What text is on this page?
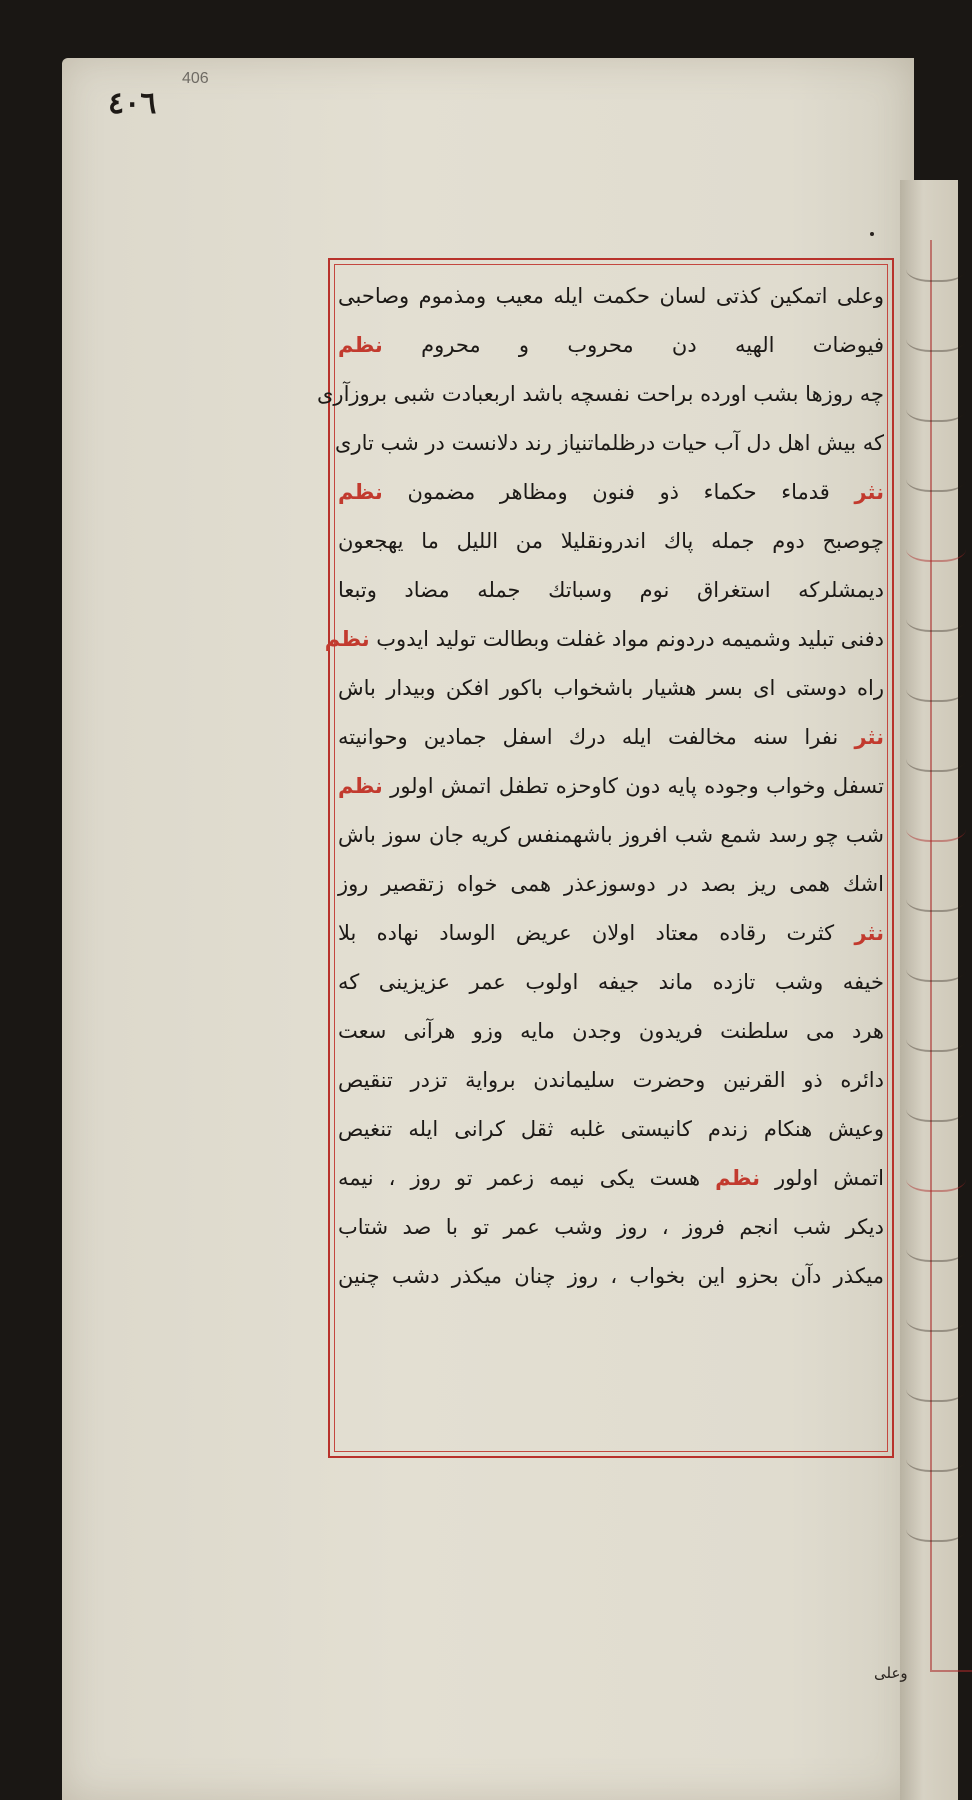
٤٠٦
406
وعلى اتمكين كذتى لسان حكمت ايله معيب ومذموم وصاحبى
فيوضات الهيه دن محروب و محروم نظم
چه روزها بشب اورده براحت نفسچه باشد اربعبادت شبى بروزآرى
كه بيش اهل دل آب حيات درظلماتنياز رند دلانست در شب تارى
نثر قدماء حكماء ذو فنون ومظاهر مضمون نظم
چوصبح دوم جمله پاك اندرونقليلا من الليل ما يهجعون
ديمشلركه استغراق نوم وسباتك جمله مضاد وتبعا
دفنى تبليد وشميمه دردونم مواد غفلت وبطالت توليد ايدوب نظم
راه دوستى اى بسر هشيار باشخواب باكور افكن وبيدار باش
نثر نفرا سنه مخالفت ايله درك اسفل جمادين وحوانيته
تسفل وخواب وجوده پايه دون كاوحزه تطفل اتمش اولور نظم
شب چو رسد شمع شب افروز باشهمنفس كريه جان سوز باش
اشك همى ريز بصد در دوسوزعذر همى خواه زتقصير روز
نثر كثرت رقاده معتاد اولان عريض الوساد نهاده بلا
خيفه وشب تازده ماند جيفه اولوب عمر عزيزينى كه
هرد مى سلطنت فريدون وجدن مايه وزو هرآنى سعت
دائره ذو القرنين وحضرت سليماندن برواية تزدر تنقيص
وعيش هنكام زندم كانيستى غلبه ثقل كرانى ايله تنغيص
اتمش اولور نظم هست يكى نيمه زعمر تو روز ، نيمه
ديكر شب انجم فروز ، روز وشب عمر تو با صد شتاب
ميكذر دآن بحزو اين بخواب ، روز چنان ميكذر دشب چنين
وعلى
